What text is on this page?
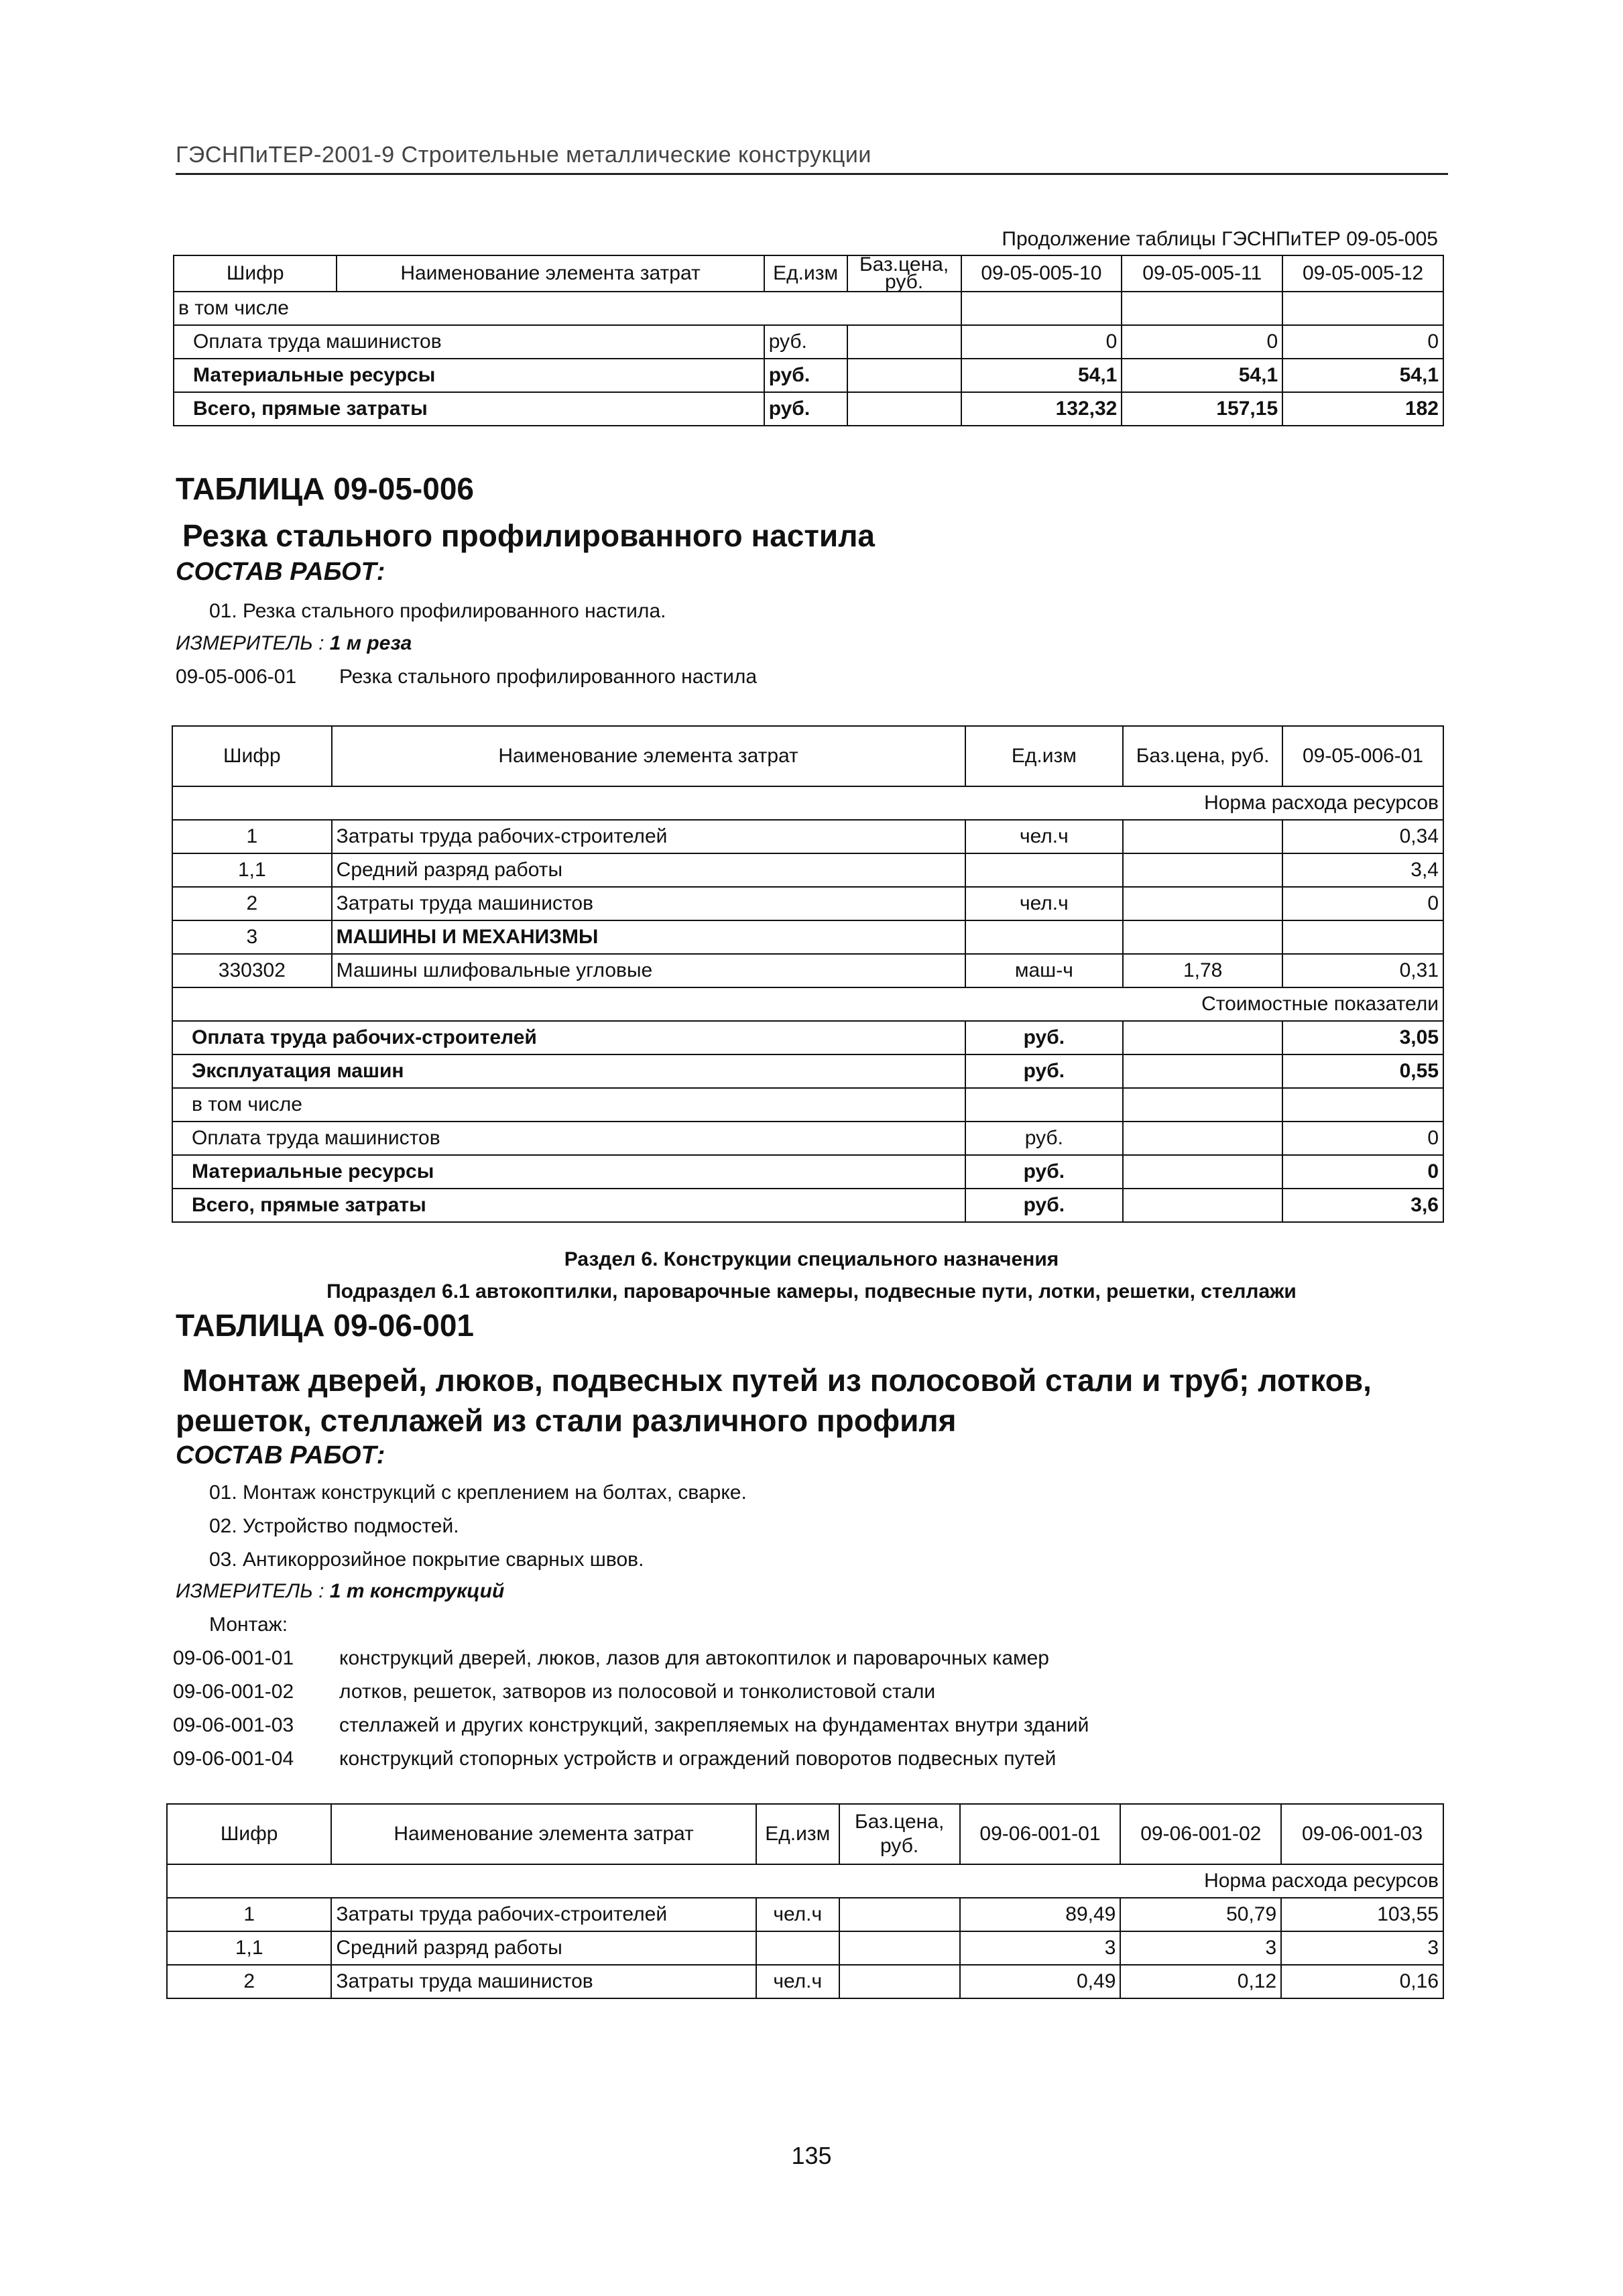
ГЭСНПиТЕР-2001-9 Строительные металлические конструкции
Продолжение таблицы ГЭСНПиТЕР 09-05-005
Шифр	Наименование элемента затрат	Ед.изм	Баз.цена, руб.	09-05-005-10	09-05-005-11	09-05-005-12
в том числе						
Оплата труда машинистов		руб.		0	0	0
Материальные ресурсы		руб.		54,1	54,1	54,1
Всего, прямые затраты		руб.		132,32	157,15	182
ТАБЛИЦА 09-05-006
Резка стального профилированного настила
СОСТАВ РАБОТ:
01. Резка стального профилированного настила.
ИЗМЕРИТЕЛЬ : 1 м реза
09-05-006-01 Резка стального профилированного настила
Шифр	Наименование элемента затрат	Ед.изм	Баз.цена, руб.	09-05-006-01
Норма расхода ресурсов				
1	Затраты труда рабочих-строителей	чел.ч		0,34
1,1	Средний разряд работы			3,4
2	Затраты труда машинистов	чел.ч		0
3	МАШИНЫ И МЕХАНИЗМЫ			
330302	Машины шлифовальные угловые	маш-ч	1,78	0,31
Стоимостные показатели				
Оплата труда рабочих-строителей		руб.		3,05
Эксплуатация машин		руб.		0,55
в том числе				
Оплата труда машинистов		руб.		0
Материальные ресурсы		руб.		0
Всего, прямые затраты		руб.		3,6
Раздел 6. Конструкции специального назначения
Подраздел 6.1 автокоптилки, пароварочные камеры, подвесные пути, лотки, решетки, стеллажи
ТАБЛИЦА 09-06-001
Монтаж дверей, люков, подвесных путей из полосовой стали и труб; лотков,
решеток, стеллажей из стали различного профиля
СОСТАВ РАБОТ:
01. Монтаж конструкций с креплением на болтах, сварке.
02. Устройство подмостей.
03. Антикоррозийное покрытие сварных швов.
ИЗМЕРИТЕЛЬ : 1 т конструкций
Монтаж:
09-06-001-01 конструкций дверей, люков, лазов для автокоптилок и пароварочных камер
09-06-001-02 лотков, решеток, затворов из полосовой и тонколистовой стали
09-06-001-03 стеллажей и других конструкций, закрепляемых на фундаментах внутри зданий
09-06-001-04 конструкций стопорных устройств и ограждений поворотов подвесных путей
Шифр	Наименование элемента затрат	Ед.изм	Баз.цена, руб.	09-06-001-01	09-06-001-02	09-06-001-03
Норма расхода ресурсов						
1	Затраты труда рабочих-строителей	чел.ч		89,49	50,79	103,55
1,1	Средний разряд работы			3	3	3
2	Затраты труда машинистов	чел.ч		0,49	0,12	0,16
135
